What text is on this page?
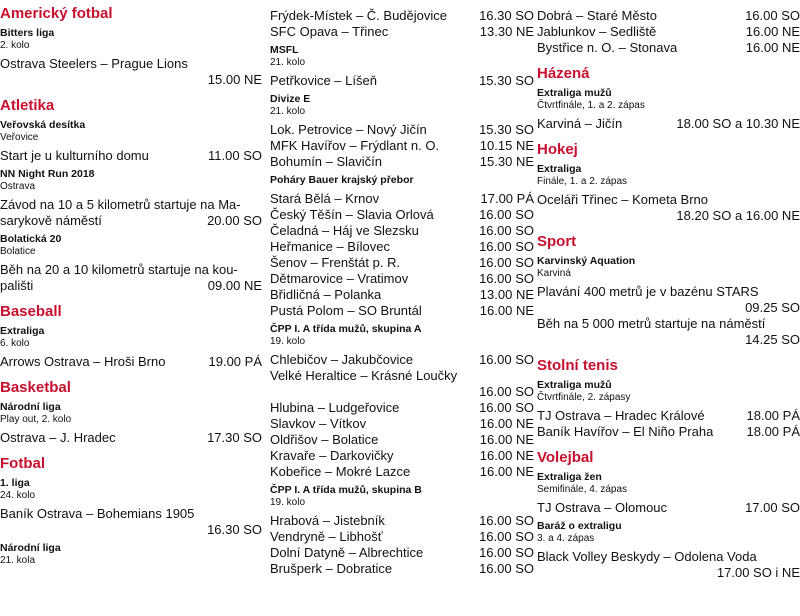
Americký fotbal
Bitters liga
2. kolo
Ostrava Steelers – Prague Lions
15.00 NE
Atletika
Veřovská desítka
Veřovice
Start je u kulturního domu	11.00 SO
NN Night Run 2018
Ostrava
Závod na 10 a 5 kilometrů startuje na Ma-
sarykově náměstí	20.00 SO
Bolatická 20
Bolatice
Běh na 20 a 10 kilometrů startuje na kou-
pališti	09.00 NE
Baseball
Extraliga
6. kolo
Arrows Ostrava – Hroši Brno	19.00 PÁ
Basketbal
Národní liga
Play out, 2. kolo
Ostrava – J. Hradec	17.30 SO
Fotbal
1. liga
24. kolo
Baník Ostrava – Bohemians 1905
16.30 SO
Národní liga
21. kola
Frýdek-Místek – Č. Budějovice	16.30 SO
SFC Opava – Třinec	13.30 NE
MSFL
21. kolo
Petřkovice – Líšeň	15.30 SO
Divize E
21. kolo
Lok. Petrovice – Nový Jičín	15.30 SO
MFK Havířov – Frýdlant n. O.	10.15 NE
Bohumín – Slavičín	15.30 NE
Poháry Bauer krajský přebor
Stará Bělá – Krnov	17.00 PÁ
Český Těšín – Slavia Orlová	16.00 SO
Čeladná – Háj ve Slezsku	16.00 SO
Heřmanice – Bílovec	16.00 SO
Šenov – Frenštát p. R.	16.00 SO
Dětmarovice – Vratimov	16.00 SO
Břidličná – Polanka	13.00 NE
Pustá Polom – SO Bruntál	16.00 NE
ČPP I. A třída mužů, skupina A
19. kolo
Chlebičov – Jakubčovice	16.00 SO
Velké Heraltice – Krásné Loučky
16.00 SO
Hlubina – Ludgeřovice	16.00 SO
Slavkov – Vítkov	16.00 NE
Oldřišov – Bolatice	16.00 NE
Kravaře – Darkovičky	16.00 NE
Kobeřice – Mokré Lazce	16.00 NE
ČPP I. A třída mužů, skupina B
19. kolo
Hrabová – Jistebník	16.00 SO
Vendryně – Libhošť	16.00 SO
Dolní Datyně – Albrechtice	16.00 SO
Brušperk – Dobratice	16.00 SO
Dobrá – Staré Město	16.00 SO
Jablunkov – Sedliště	16.00 NE
Bystřice n. O. – Stonava	16.00 NE
Házená
Extraliga mužů
Čtvrtfinále, 1. a 2. zápas
Karviná – Jičín	18.00 SO a 10.30 NE
Hokej
Extraliga
Finále, 1. a 2. zápas
Oceláři Třinec – Kometa Brno
18.20 SO a 16.00 NE
Sport
Karvinský Aquation
Karviná
Plavání 400 metrů je v bazénu STARS
09.25 SO
Běh na 5 000 metrů startuje na náměstí
14.25 SO
Stolní tenis
Extraliga mužů
Čtvrtfinále, 2. zápasy
TJ Ostrava – Hradec Králové	18.00 PÁ
Baník Havířov – El Niño Praha	18.00 PÁ
Volejbal
Extraliga žen
Semifinále, 4. zápas
TJ Ostrava – Olomouc	17.00 SO
Baráž o extraligu
3. a 4. zápas
Black Volley Beskydy – Odolena Voda
17.00 SO i NE
